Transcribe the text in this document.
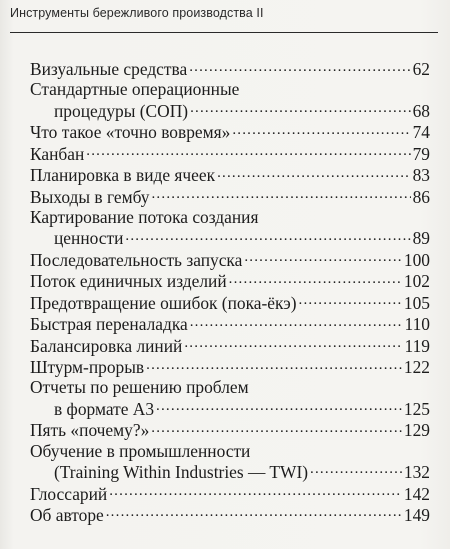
Инструменты бережливого производства II
Визуальные средства .....	62
Стандартные операционные
процедуры (СОП) .....	68
Что такое «точно вовремя» .....	74
Канбан .....	79
Планировка в виде ячеек .....	83
Выходы в гембу .....	86
Картирование потока создания
ценности .....	89
Последовательность запуска .....	100
Поток единичных изделий .....	102
Предотвращение ошибок (пока-ёкэ) .....	105
Быстрая переналадка .....	110
Балансировка линий .....	119
Штурм-прорыв .....	122
Отчеты по решению проблем
в формате А3 .....	125
Пять «почему?» .....	129
Обучение в промышленности
(Training Within Industries — TWI) .....	132
Глоссарий .....	142
Об авторе .....	149
